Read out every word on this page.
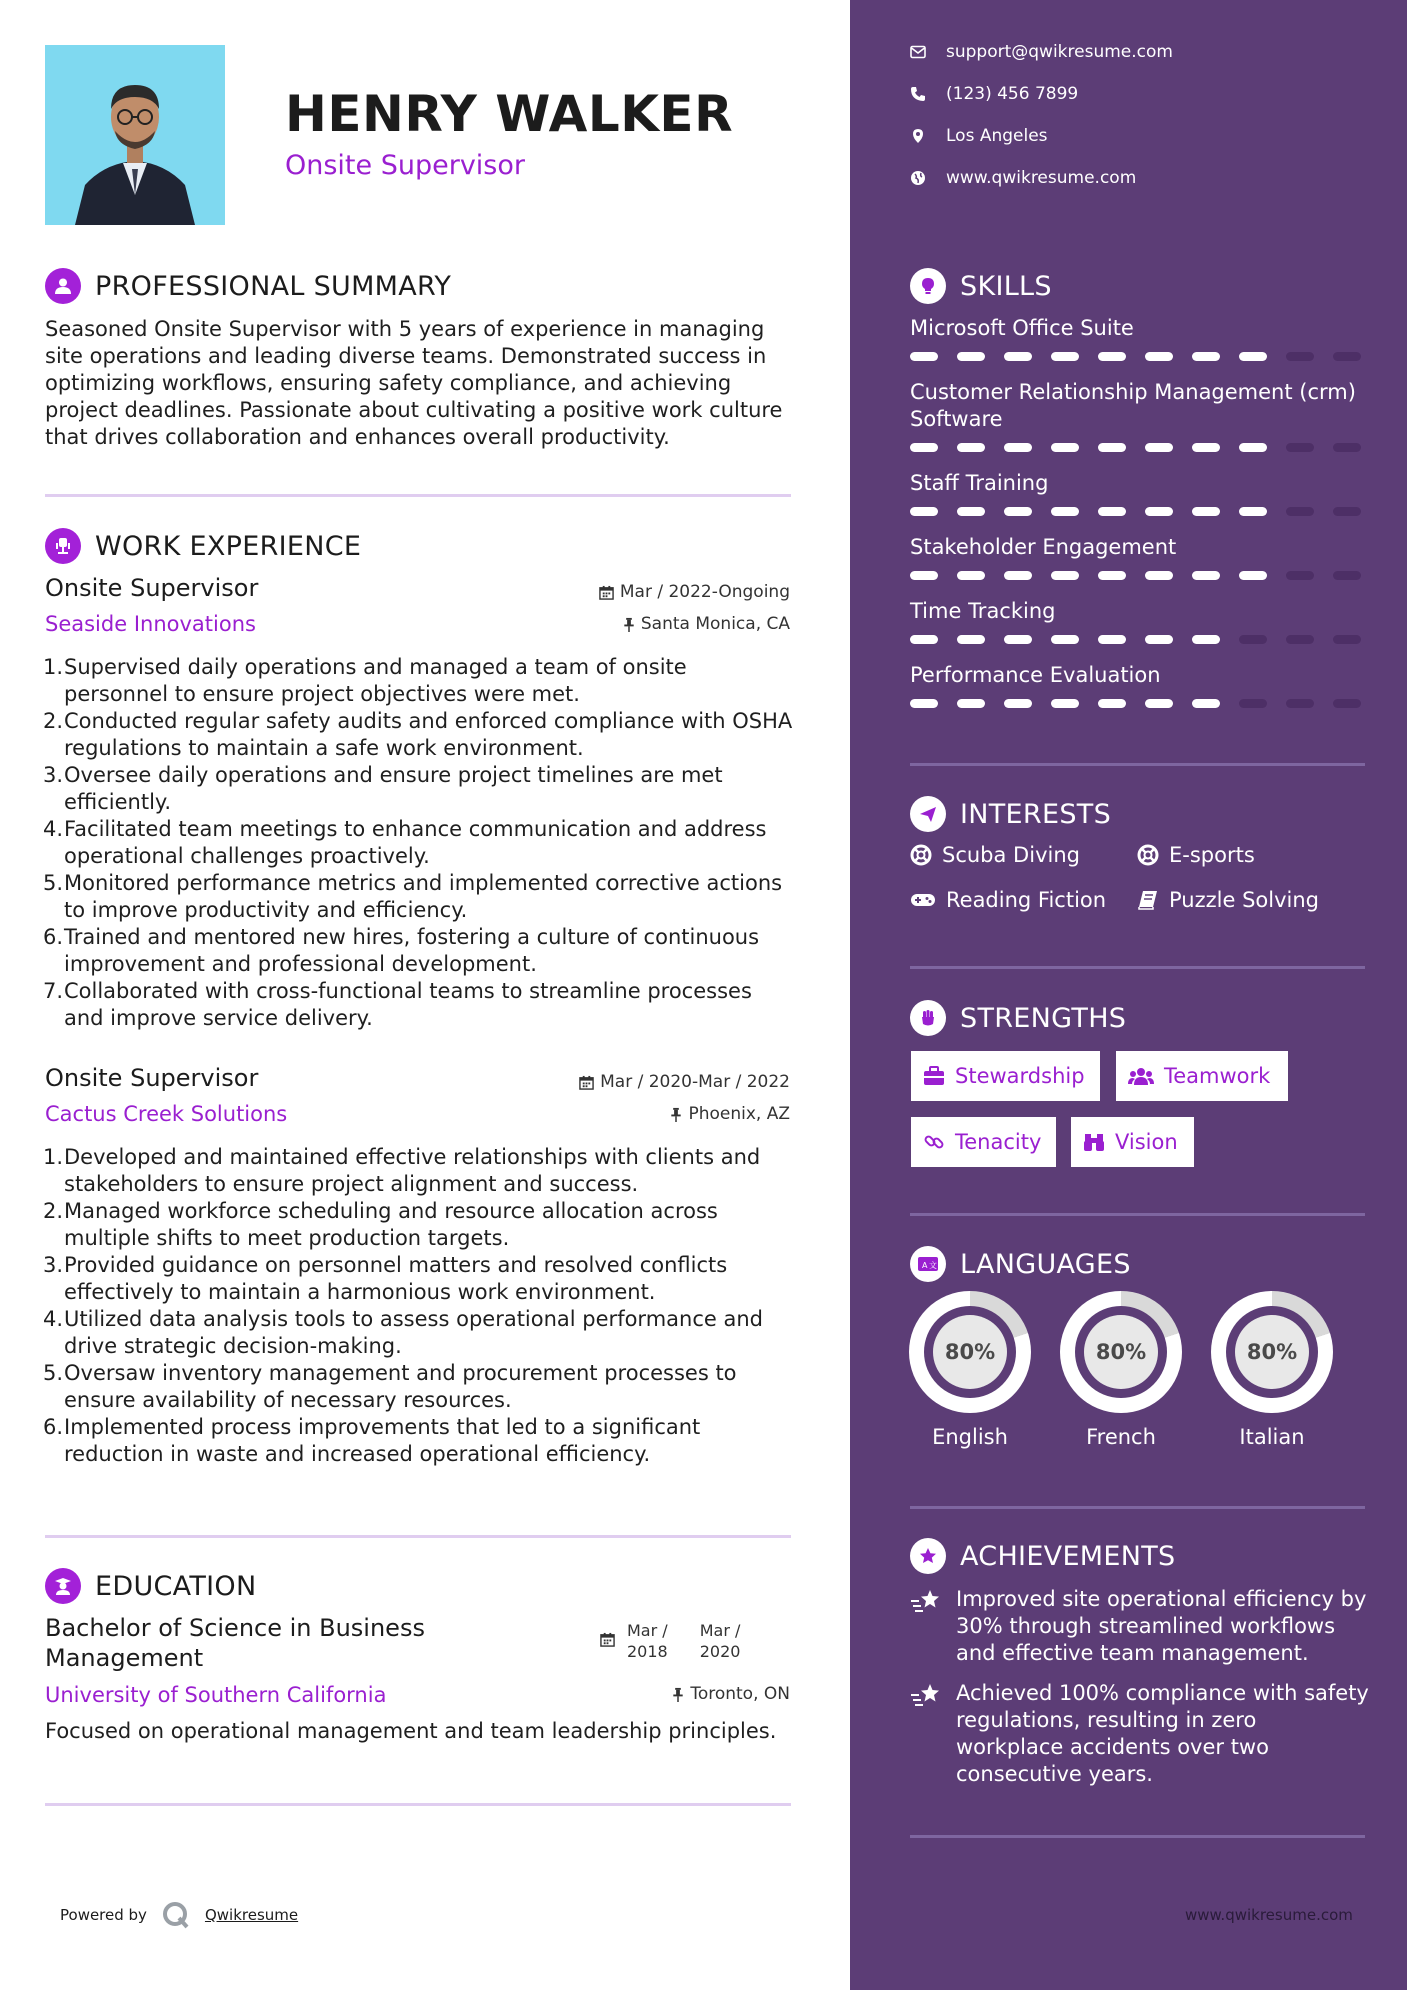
HENRY WALKER
Onsite Supervisor
PROFESSIONAL SUMMARY
Seasoned Onsite Supervisor with 5 years of experience in managing site operations and leading diverse teams. Demonstrated success in optimizing workflows, ensuring safety compliance, and achieving project deadlines. Passionate about cultivating a positive work culture that drives collaboration and enhances overall productivity.
WORK EXPERIENCE
Onsite Supervisor
Seaside Innovations
Mar / 2022-Ongoing
Santa Monica, CA
1. Supervised daily operations and managed a team of onsite personnel to ensure project objectives were met.
2. Conducted regular safety audits and enforced compliance with OSHA regulations to maintain a safe work environment.
3. Oversee daily operations and ensure project timelines are met efficiently.
4. Facilitated team meetings to enhance communication and address operational challenges proactively.
5. Monitored performance metrics and implemented corrective actions to improve productivity and efficiency.
6. Trained and mentored new hires, fostering a culture of continuous improvement and professional development.
7. Collaborated with cross-functional teams to streamline processes and improve service delivery.
Onsite Supervisor
Cactus Creek Solutions
Mar / 2020-Mar / 2022
Phoenix, AZ
1. Developed and maintained effective relationships with clients and stakeholders to ensure project alignment and success.
2. Managed workforce scheduling and resource allocation across multiple shifts to meet production targets.
3. Provided guidance on personnel matters and resolved conflicts effectively to maintain a harmonious work environment.
4. Utilized data analysis tools to assess operational performance and drive strategic decision-making.
5. Oversaw inventory management and procurement processes to ensure availability of necessary resources.
6. Implemented process improvements that led to a significant reduction in waste and increased operational efficiency.
EDUCATION
Bachelor of Science in Business Management
University of Southern California
Mar /
2018
Mar /
2020
Toronto, ON
Focused on operational management and team leadership principles.
Powered by	Qwikresume
support@qwikresume.com
(123) 456 7899
Los Angeles
www.qwikresume.com
SKILLS
Microsoft Office Suite
Customer Relationship Management (crm) Software
Staff Training
Stakeholder Engagement
Time Tracking
Performance Evaluation
INTERESTS
Scuba Diving	E-sports
Reading Fiction	Puzzle Solving
STRENGTHS
Stewardship	Teamwork
Tenacity	Vision
A 文 LANGUAGES
80%
English
80%
French
80%
Italian
ACHIEVEMENTS
Improved site operational efficiency by 30% through streamlined workflows and effective team management.
Achieved 100% compliance with safety regulations, resulting in zero workplace accidents over two consecutive years.
www.qwikresume.com
